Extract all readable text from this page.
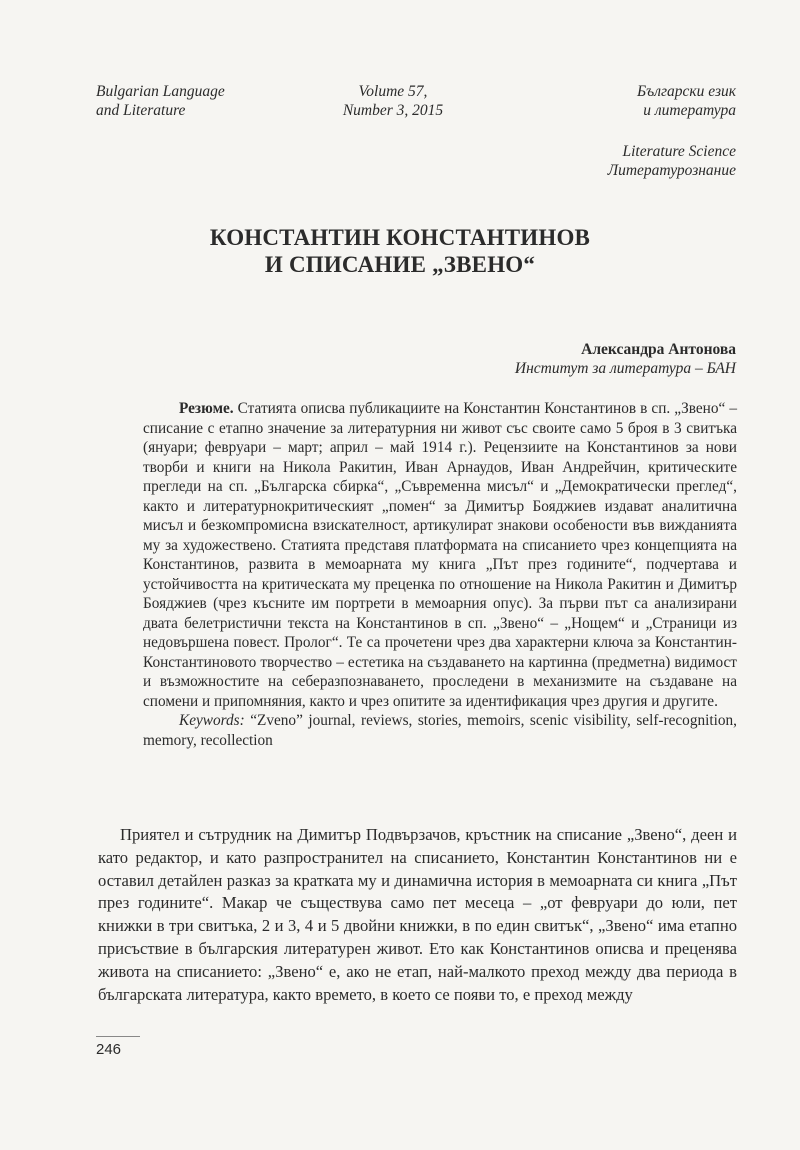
Bulgarian Language
and Literature
Volume 57,
Number 3, 2015
Български език
и литература
Literature Science
Литературознание
КОНСТАНТИН КОНСТАНТИНОВ
И СПИСАНИЕ „ЗВЕНО“
Александра Антонова
Институт за литература – БАН

Резюме. Статията описва публикациите на Константин Константинов в сп. „Звено“ – списание с етапно значение за литературния ни живот със своите само 5 броя в 3 свитъка (януари; февруари – март; април – май 1914 г.). Рецензиите на Константинов за нови творби и книги на Никола Ракитин, Иван Арнаудов, Иван Андрейчин, критическите прегледи на сп. „Българска сбирка“, „Съвременна мисъл“ и „Демократически преглед“, както и литературнокритическият „помен“ за Димитър Бояджиев издават аналитична мисъл и безкомпромисна взискателност, артикулират знакови особености във вижданията му за художествено. Статията представя платформата на списанието чрез концепцията на Константинов, развита в мемоарната му книга „Път през годините“, подчертава и устойчивостта на критическата му преценка по отношение на Никола Ракитин и Димитър Бояджиев (чрез късните им портрети в мемоарния опус). За първи път са анализирани двата белетристични текста на Константинов в сп. „Звено“ – „Нощем“ и „Страници из недовършена повест. Пролог“. Те са прочетени чрез два характерни ключа за Константин-Константиновото творчество – естетика на създаването на картинна (предметна) видимост и възможностите на себеразпознаването, проследени в механизмите на създаване на спомени и припомняния, както и чрез опитите за идентификация чрез другия и другите.

Keywords: “Zveno” journal, reviews, stories, memoirs, scenic visibility, self-recognition, memory, recollection

Приятел и сътрудник на Димитър Подвързачов, кръстник на списание „Звено“, деен и като редактор, и като разпространител на списанието, Константин Константинов ни е оставил детайлен разказ за кратката му и динамична история в мемоарната си книга „Път през годините“. Макар че съществува само пет месеца – „от февруари до юли, пет книжки в три свитъка, 2 и 3, 4 и 5 двойни книжки, в по един свитък“, „Звено“ има етапно присъствие в българския литературен живот. Ето как Константинов описва и преценява живота на списанието: „Звено“ е, ако не етап, най-малкото преход между два периода в българската литература, както времето, в което се появи то, е преход между

246
